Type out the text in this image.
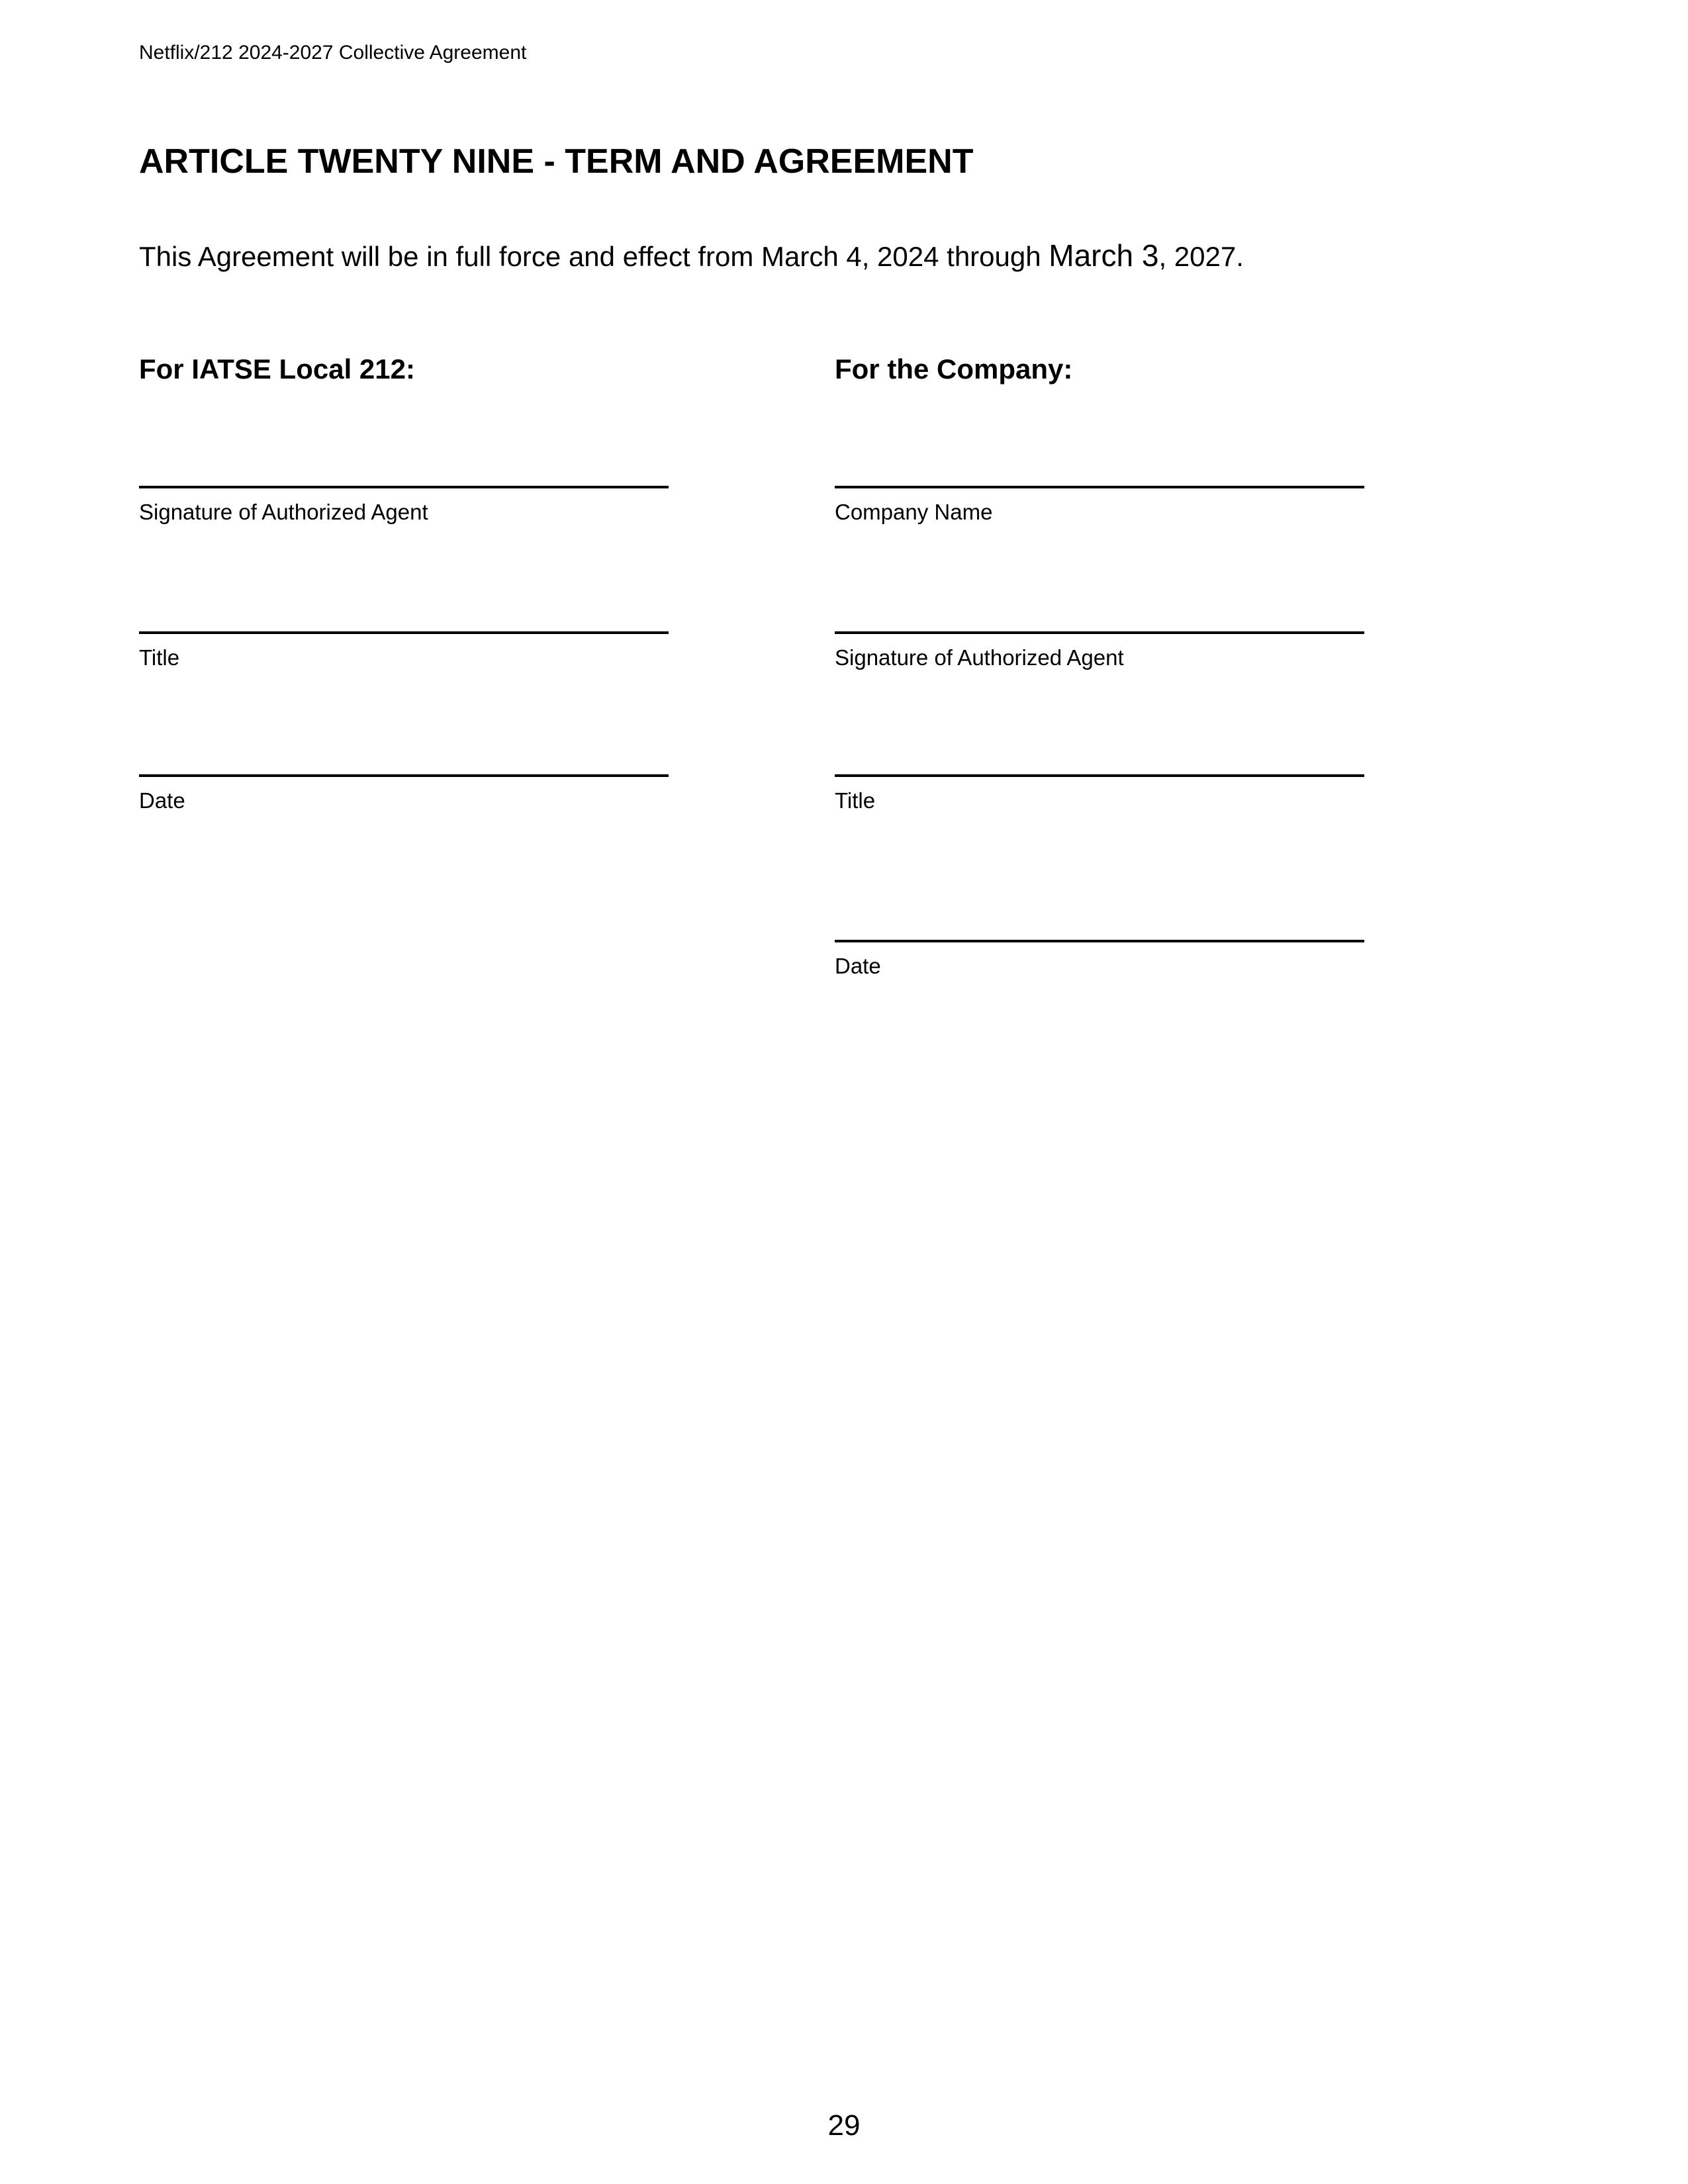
Netflix/212 2024-2027 Collective Agreement
ARTICLE TWENTY NINE - TERM AND AGREEMENT
This Agreement will be in full force and effect from March 4, 2024 through March 3, 2027.
For IATSE Local 212:	For the Company:
Signature of Authorized Agent
Title
Date
Company Name
Signature of Authorized Agent
Title
Date
29
